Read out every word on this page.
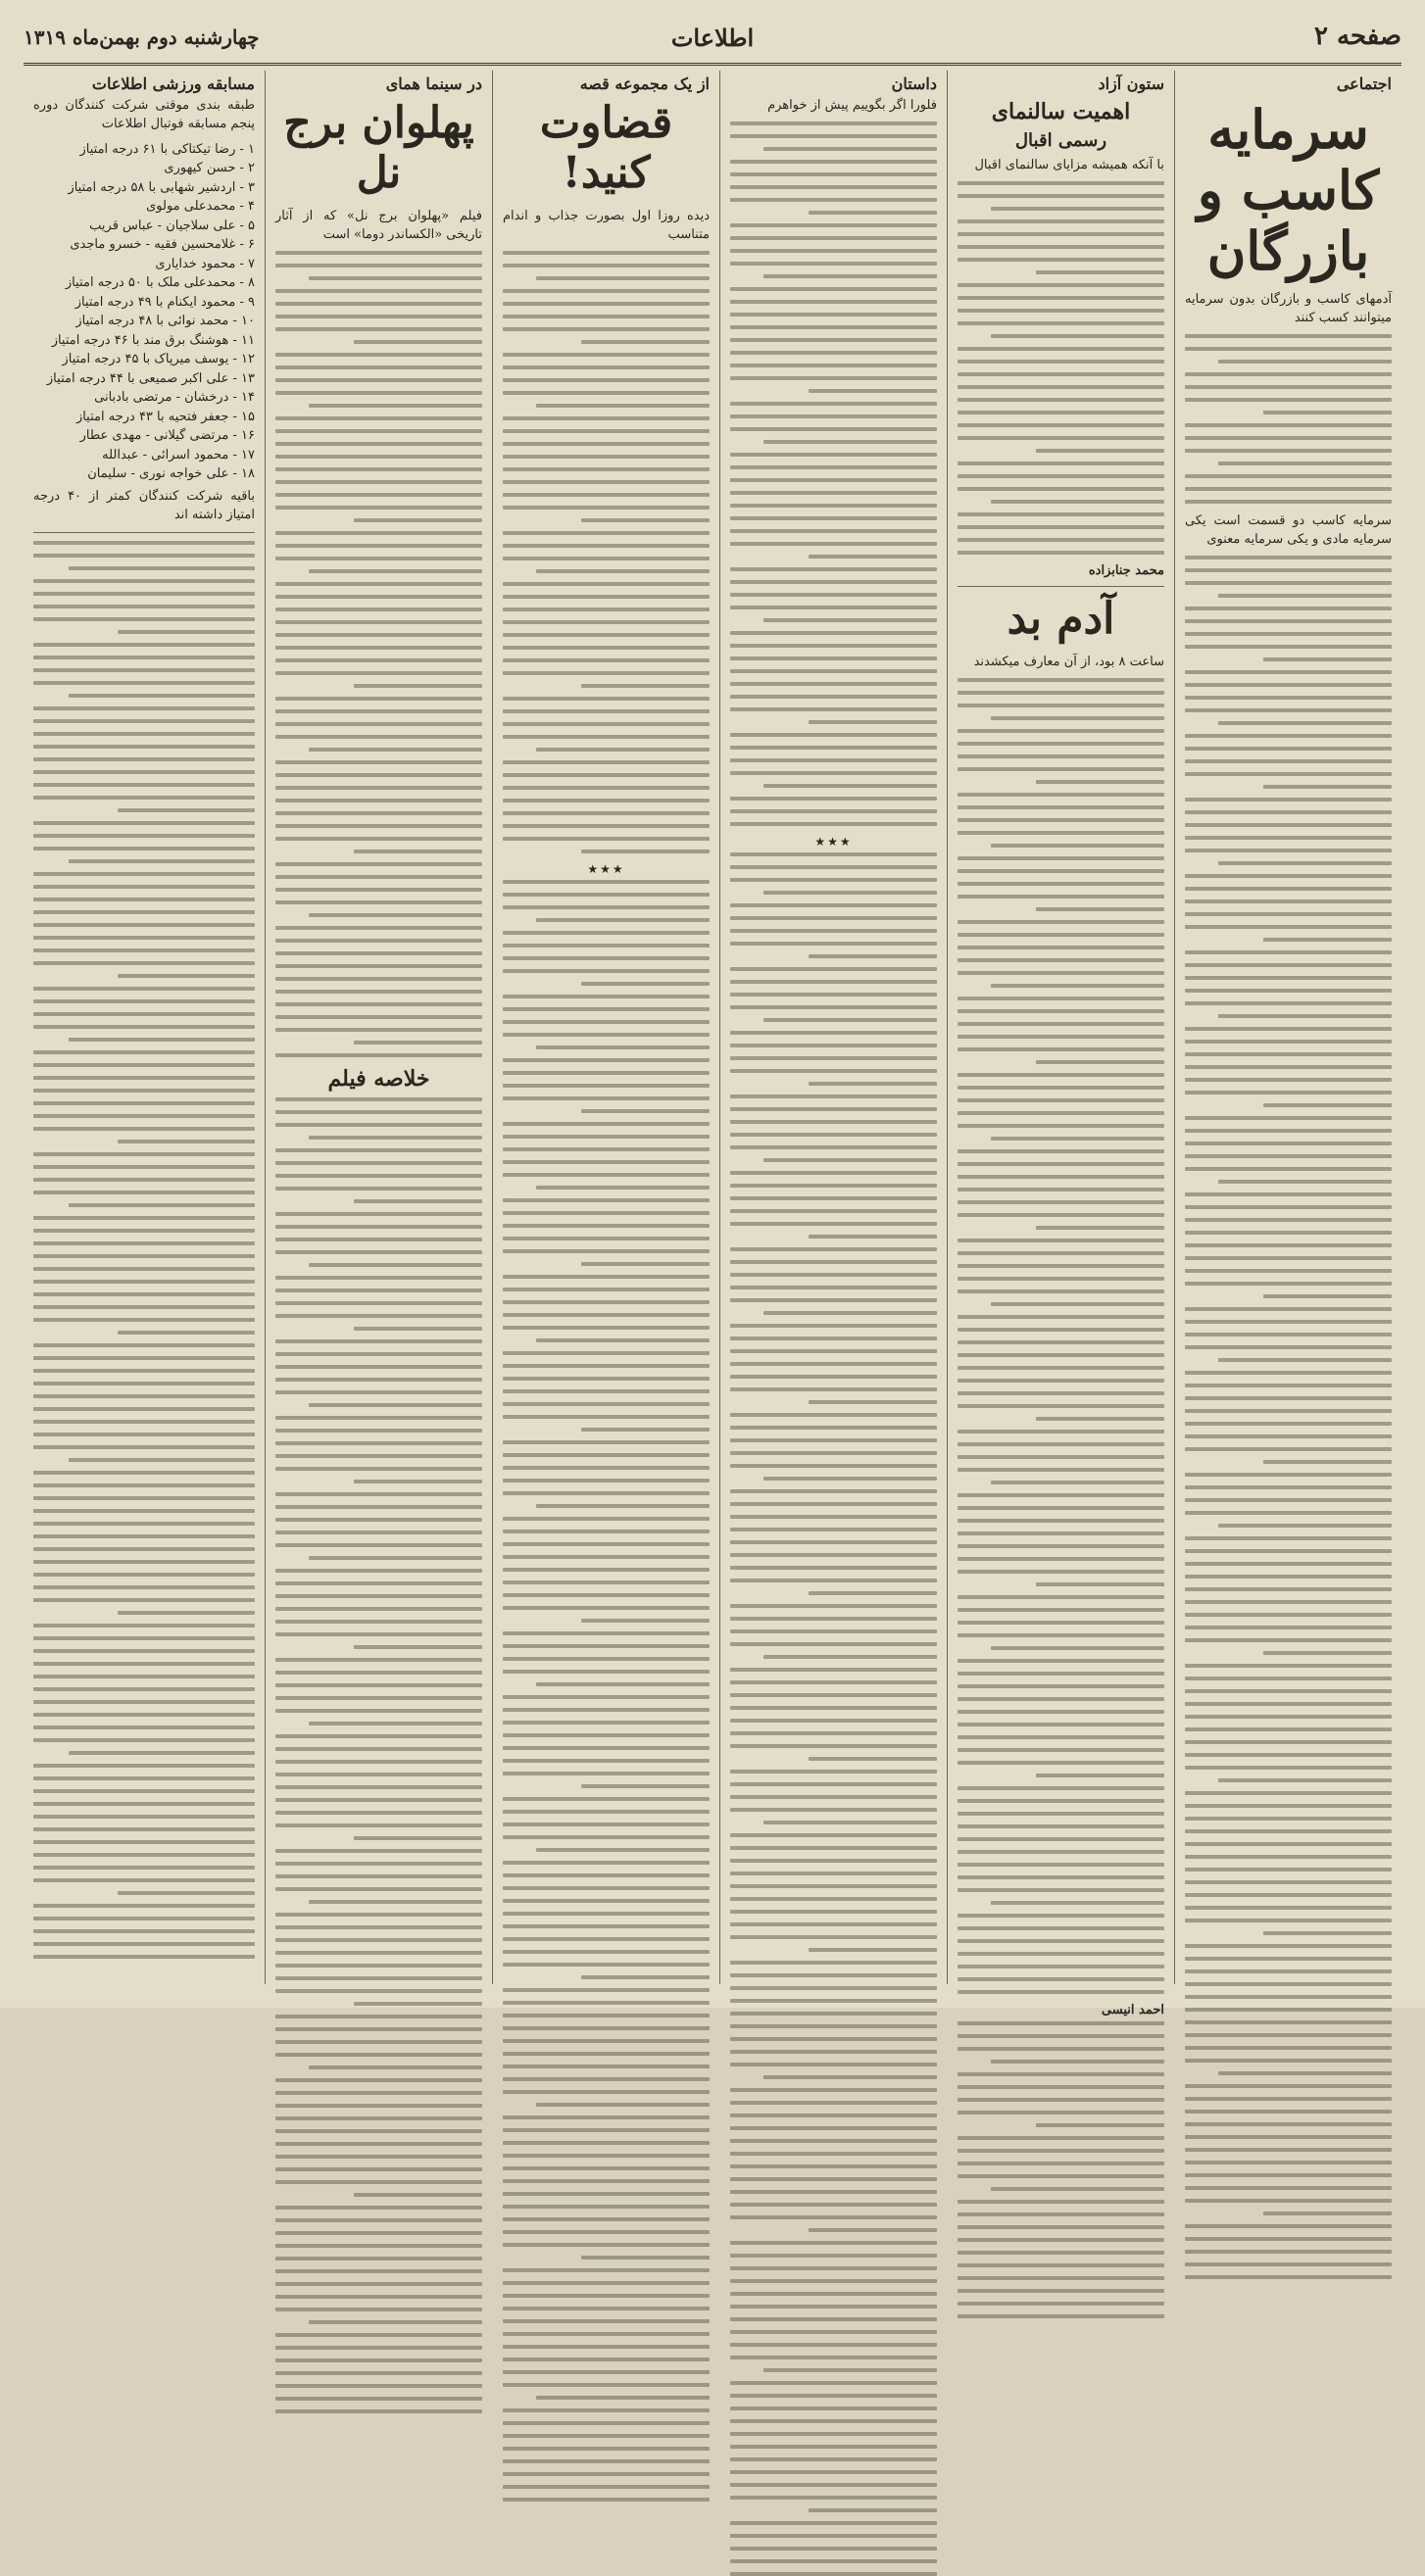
صفحه ۲
اطلاعات
چهارشنبه دوم بهمن‌ماه ۱۳۱۹
اجتماعی
سرمایه کاسب و بازرگان
آدمهای کاسب و بازرگان بدون سرمایه میتوانند کسب کنند
سرمایه کاسب دو قسمت است یکی سرمایه مادی و یکی سرمایه معنوی
ستون آزاد
اهمیت سالنمای
رسمی اقبال
با آنکه همیشه مزایای سالنمای اقبال
محمد جنابزاده
آدم بد
ساعت ۸ بود، از آن معارف میکشدند
احمد انیسی
داستان
فلورا اگر بگوییم پیش از خواهرم
★★★
از یک مجموعه قصه
قضاوت کنید!
دیده روزا اول بصورت جذاب و اندام متناسب
★★★
در سینما همای
پهلوان برج نل
فیلم «پهلوان برج نل» که از آثار تاریخی «الکساندر دوما» است
خلاصه فیلم
مسابقه ورزشی اطلاعات
طبقه بندی موقتی شرکت کنندگان دوره پنجم مسابقه فوتبال اطلاعات
۱ - رضا تیکتاکی با ۶۱ درجه امتیاز
۲ - حسن کیهوری
۳ - اردشیر شهابی با ۵۸ درجه امتیاز
۴ - محمدعلی مولوی
۵ - علی سلاجیان - عباس قریب
۶ - غلامحسین فقیه - خسرو ماجدی
۷ - محمود خدایاری
۸ - محمدعلی ملک با ۵۰ درجه امتیاز
۹ - محمود ایکنام با ۴۹ درجه امتیاز
۱۰ - محمد نوائی با ۴۸ درجه امتیاز
۱۱ - هوشنگ برق مند با ۴۶ درجه امتیاز
۱۲ - یوسف میرپاک با ۴۵ درجه امتیاز
۱۳ - علی اکبر صمیعی با ۴۴ درجه امتیاز
۱۴ - درخشان - مرتضی بادبانی
۱۵ - جعفر فتحیه با ۴۳ درجه امتیاز
۱۶ - مرتضی گیلانی - مهدی عطار
۱۷ - محمود اسرائی - عبدالله
۱۸ - علی خواجه نوری - سلیمان
باقیه شرکت کنندگان کمتر از ۴۰ درجه امتیاز داشته اند
